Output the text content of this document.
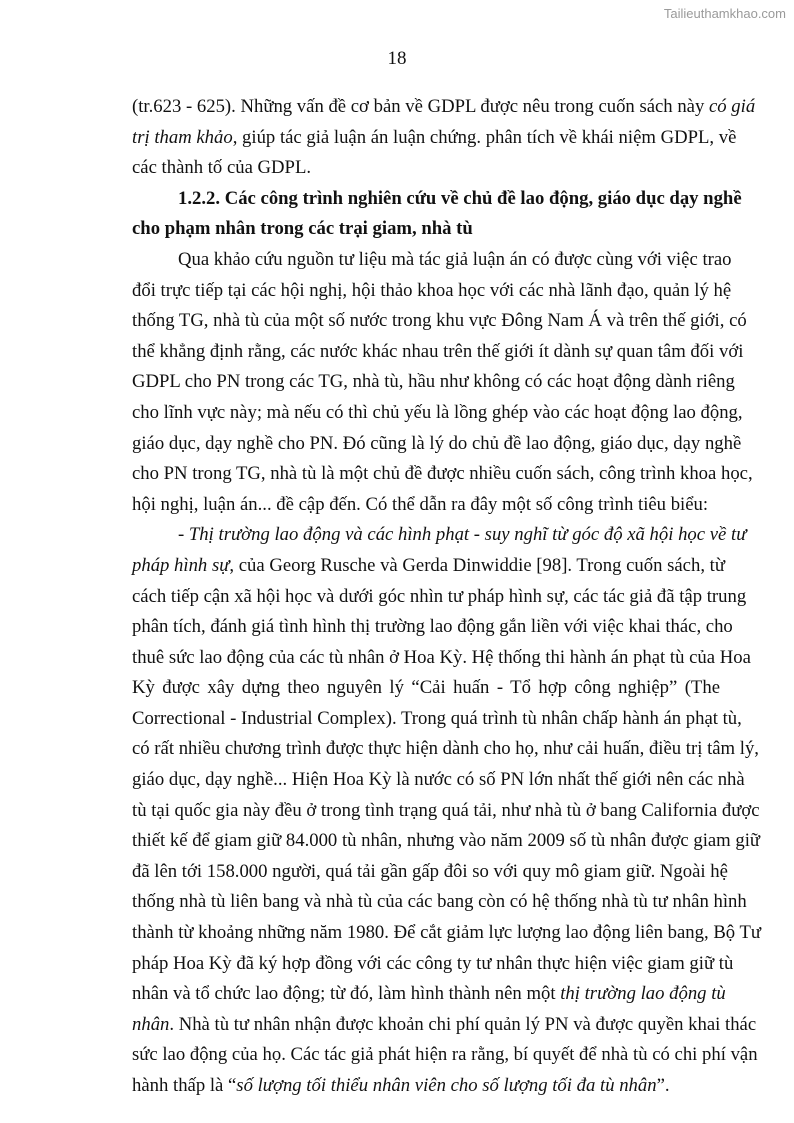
Tailieuthamkhao.com
18
(tr.623 - 625). Những vấn đề cơ bản về GDPL được nêu trong cuốn sách này có giá
trị tham khảo, giúp tác giả luận án luận chứng. phân tích về khái niệm GDPL, về
các thành tố của GDPL.
1.2.2. Các công trình nghiên cứu về chủ đề lao động, giáo dục dạy nghề
cho phạm nhân trong các trại giam, nhà tù
Qua khảo cứu nguồn tư liệu mà tác giả luận án có được cùng với việc trao
đổi trực tiếp tại các hội nghị, hội thảo khoa học với các nhà lãnh đạo, quản lý hệ
thống TG, nhà tù của một số nước trong khu vực Đông Nam Á và trên thế giới, có
thể khẳng định rằng, các nước khác nhau trên thế giới ít dành sự quan tâm đối với
GDPL cho PN trong các TG, nhà tù, hầu như không có các hoạt động dành riêng
cho lĩnh vực này; mà nếu có thì chủ yếu là lồng ghép vào các hoạt động lao động,
giáo dục, dạy nghề cho PN. Đó cũng là lý do chủ đề lao động, giáo dục, dạy nghề
cho PN trong TG, nhà tù là một chủ đề được nhiều cuốn sách, công trình khoa học,
hội nghị, luận án... đề cập đến. Có thể dẫn ra đây một số công trình tiêu biểu:
- Thị trường lao động và các hình phạt - suy nghĩ từ góc độ xã hội học về tư
pháp hình sự, của Georg Rusche và Gerda Dinwiddie [98]. Trong cuốn sách, từ
cách tiếp cận xã hội học và dưới góc nhìn tư pháp hình sự, các tác giả đã tập trung
phân tích, đánh giá tình hình thị trường lao động gắn liền với việc khai thác, cho
thuê sức lao động của các tù nhân ở Hoa Kỳ. Hệ thống thi hành án phạt tù của Hoa
Kỳ được xây dựng theo nguyên lý “Cải huấn - Tổ hợp công nghiệp” (The
Correctional - Industrial Complex). Trong quá trình tù nhân chấp hành án phạt tù,
có rất nhiều chương trình được thực hiện dành cho họ, như cải huấn, điều trị tâm lý,
giáo dục, dạy nghề... Hiện Hoa Kỳ là nước có số PN lớn nhất thế giới nên các nhà
tù tại quốc gia này đều ở trong tình trạng quá tải, như nhà tù ở bang California được
thiết kế để giam giữ 84.000 tù nhân, nhưng vào năm 2009 số tù nhân được giam giữ
đã lên tới 158.000 người, quá tải gần gấp đôi so với quy mô giam giữ. Ngoài hệ
thống nhà tù liên bang và nhà tù của các bang còn có hệ thống nhà tù tư nhân hình
thành từ khoảng những năm 1980. Để cắt giảm lực lượng lao động liên bang, Bộ Tư
pháp Hoa Kỳ đã ký hợp đồng với các công ty tư nhân thực hiện việc giam giữ tù
nhân và tổ chức lao động; từ đó, làm hình thành nên một thị trường lao động tù
nhân. Nhà tù tư nhân nhận được khoản chi phí quản lý PN và được quyền khai thác
sức lao động của họ. Các tác giả phát hiện ra rằng, bí quyết để nhà tù có chi phí vận
hành thấp là “số lượng tối thiểu nhân viên cho số lượng tối đa tù nhân”.
